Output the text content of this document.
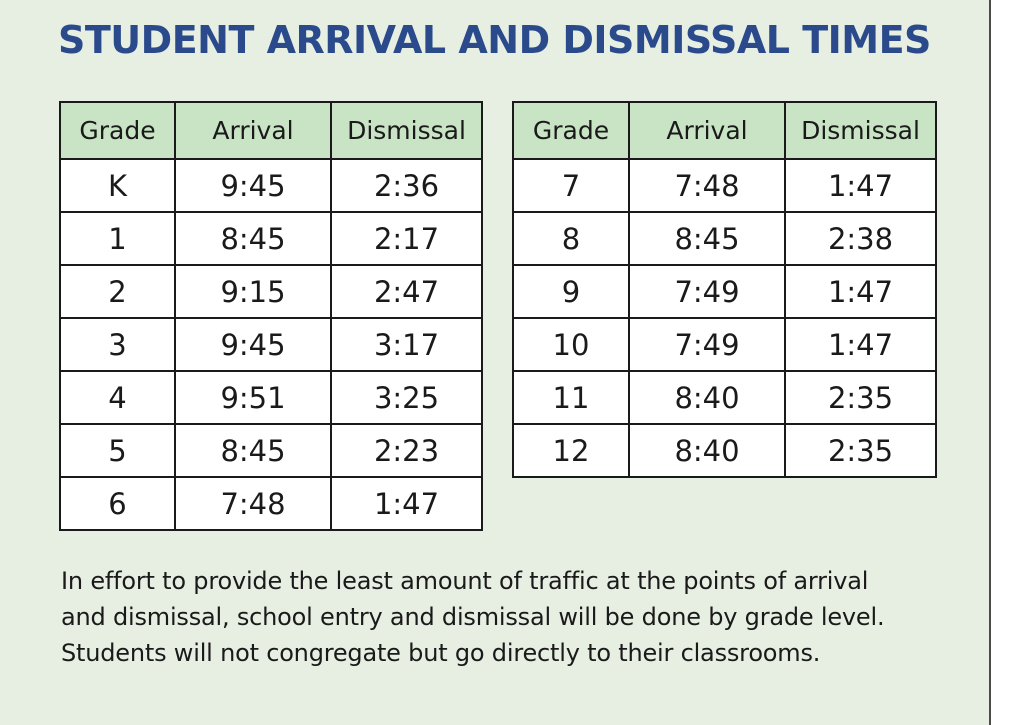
STUDENT ARRIVAL AND DISMISSAL TIMES
Grade	Arrival	Dismissal
K	9:45	2:36
1	8:45	2:17
2	9:15	2:47
3	9:45	3:17
4	9:51	3:25
5	8:45	2:23
6	7:48	1:47
Grade	Arrival	Dismissal
7	7:48	1:47
8	8:45	2:38
9	7:49	1:47
10	7:49	1:47
11	8:40	2:35
12	8:40	2:35

In effort to provide the least amount of traffic at the points of arrival
and dismissal, school entry and dismissal will be done by grade level.
Students will not congregate but go directly to their classrooms.
